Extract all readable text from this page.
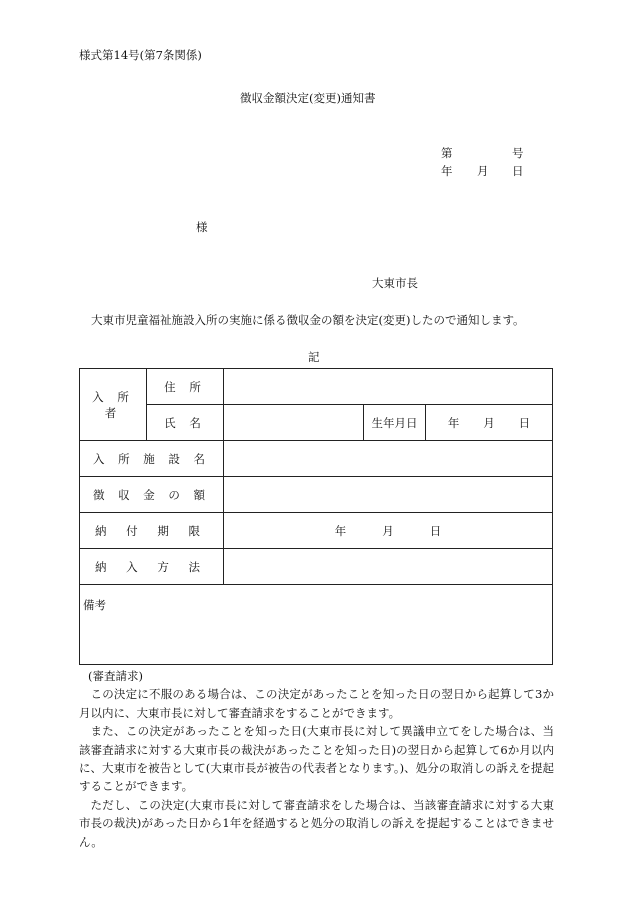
様式第14号(第7条関係)
徴収金額決定(変更)通知書
第	号
年 月 日
様
大東市長
大東市児童福祉施設入所の実施に係る徴収金の額を決定(変更)したので通知します。
記
入 所 者	住 所			
	氏 名		生年月日	年 月 日

入 所 施 設 名				
徴 収 金 の 額				
納 付 期 限		年 月 日		

納 入 方 法				

備考				

(審査請求)

この決定に不服のある場合は、この決定があったことを知った日の翌日から起算して3か月以内に、大東市長に対して審査請求をすることができます。

また、この決定があったことを知った日(大東市長に対して異議申立てをした場合は、当該審査請求に対する大東市長の裁決があったことを知った日)の翌日から起算して6か月以内に、大東市を被告として(大東市長が被告の代表者となります。)、処分の取消しの訴えを提起することができます。

ただし、この決定(大東市長に対して審査請求をした場合は、当該審査請求に対する大東市長の裁決)があった日から1年を経過すると処分の取消しの訴えを提起することはできません。
